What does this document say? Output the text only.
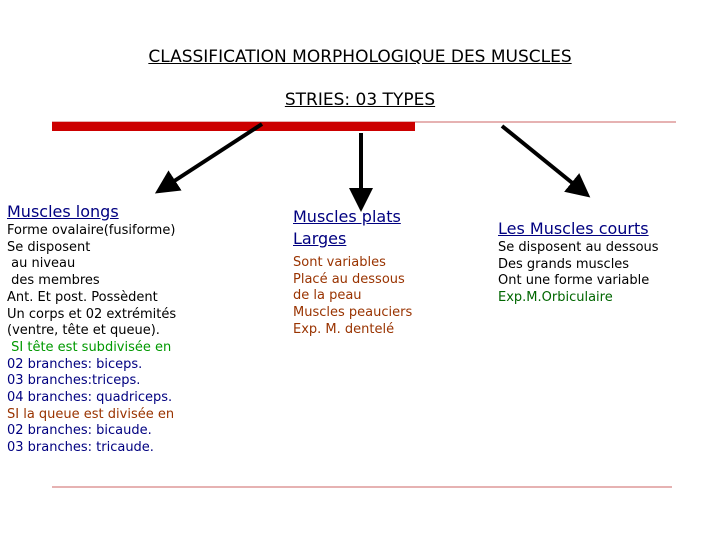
CLASSIFICATION MORPHOLOGIQUE DES MUSCLES
STRIES: 03 TYPES
Muscles longs
Forme ovalaire(fusiforme)
Se disposent
au niveau
des membres
Ant. Et post. Possèdent
Un corps et 02 extrémités
(ventre, tête et queue).
SI tête est subdivisée en
02 branches: biceps.
03 branches:triceps.
04 branches: quadriceps.
SI la queue est divisée en
02 branches: bicaude.
03 branches: tricaude.
Muscles plats
Larges
Sont variables
Placé au dessous
de la peau
Muscles peauciers
Exp. M. dentelé
Les Muscles courts
Se disposent au dessous
Des grands muscles
Ont une forme variable
Exp.M.Orbiculaire
